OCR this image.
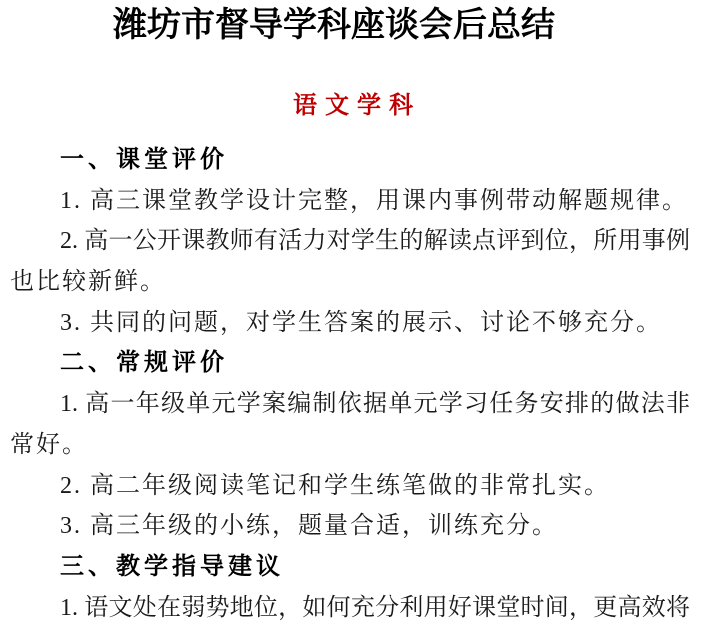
潍坊市督导学科座谈会后总结
语文学科
一、课堂评价
1. 高三课堂教学设计完整，用课内事例带动解题规律。
2. 高一公开课教师有活力对学生的解读点评到位，所用事例
也比较新鲜。
3. 共同的问题，对学生答案的展示、讨论不够充分。
二、常规评价
1. 高一年级单元学案编制依据单元学习任务安排的做法非
常好。
2. 高二年级阅读笔记和学生练笔做的非常扎实。
3. 高三年级的小练，题量合适，训练充分。
三、教学指导建议
1. 语文处在弱势地位，如何充分利用好课堂时间，更高效将
